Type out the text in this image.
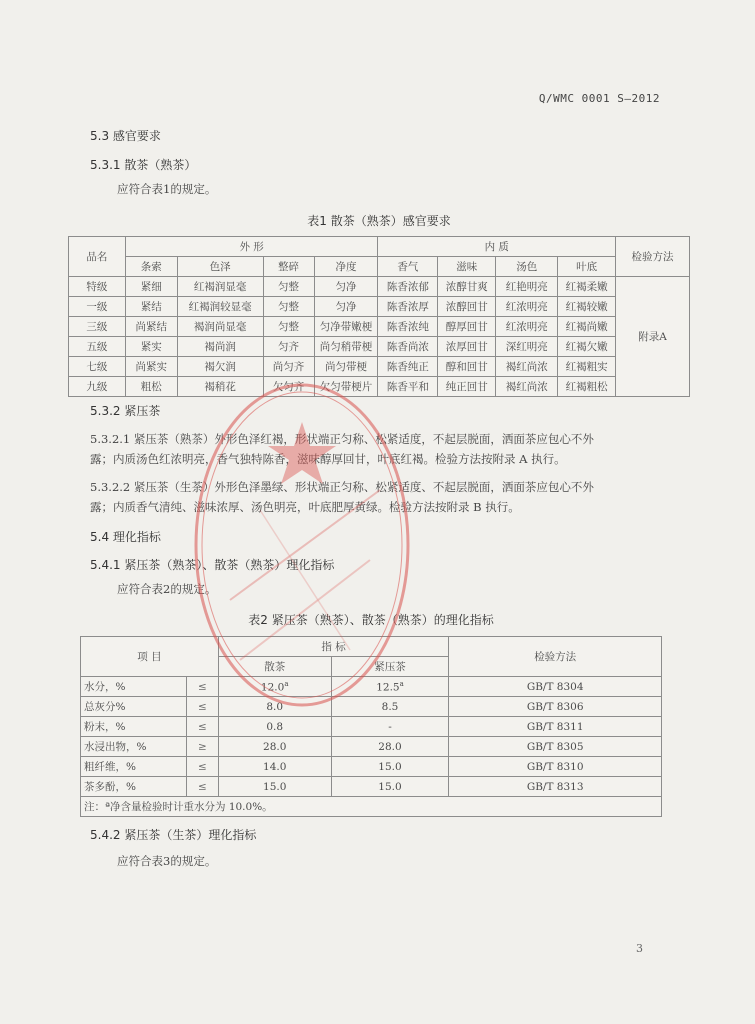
Q/WMC 0001 S—2012
5.3 感官要求
5.3.1 散茶（熟茶）
应符合表1的规定。
表1 散茶（熟茶）感官要求
品名	外 形				内 质				检验方法
	条索	色泽	整碎	净度	香气	滋味	汤色	叶底	
特级	紧细	红褐润显毫	匀整	匀净	陈香浓郁	浓醇甘爽	红艳明亮	红褐柔嫩	附录A
一级	紧结	红褐润较显毫	匀整	匀净	陈香浓厚	浓醇回甘	红浓明亮	红褐较嫩	
三级	尚紧结	褐润尚显毫	匀整	匀净带嫩梗	陈香浓纯	醇厚回甘	红浓明亮	红褐尚嫩	
五级	紧实	褐尚润	匀齐	尚匀稍带梗	陈香尚浓	浓厚回甘	深红明亮	红褐欠嫩	
七级	尚紧实	褐欠润	尚匀齐	尚匀带梗	陈香纯正	醇和回甘	褐红尚浓	红褐粗实	
九级	粗松	褐稍花	欠匀齐	欠匀带梗片	陈香平和	纯正回甘	褐红尚浓	红褐粗松	
5.3.2 紧压茶
5.3.2.1 紧压茶（熟茶）外形色泽红褐，形状端正匀称、松紧适度，不起层脱面，洒面茶应包心不外
露；内质汤色红浓明亮，香气独特陈香，滋味醇厚回甘，叶底红褐。检验方法按附录 A 执行。
5.3.2.2 紧压茶（生茶）外形色泽墨绿、形状端正匀称、松紧适度、不起层脱面，洒面茶应包心不外
露；内质香气清纯、滋味浓厚、汤色明亮，叶底肥厚黄绿。检验方法按附录 B 执行。
5.4 理化指标
5.4.1 紧压茶（熟茶）、散茶（熟茶）理化指标
应符合表2的规定。
表2 紧压茶（熟茶）、散茶（熟茶）的理化指标
项 目		指 标		检验方法
		散茶	紧压茶	
水分，%	≤	12.0$^a$	12.5$^a$	GB/T 8304
总灰分%	≤	8.0	8.5	GB/T 8306
粉末，%	≤	0.8	-	GB/T 8311
水浸出物，%	≥	28.0	28.0	GB/T 8305
粗纤维，%	≤	14.0	15.0	GB/T 8310
茶多酚，%	≤	15.0	15.0	GB/T 8313
注：ª净含量检验时计重水分为 10.0%。				
5.4.2 紧压茶（生茶）理化指标
应符合表3的规定。
3
